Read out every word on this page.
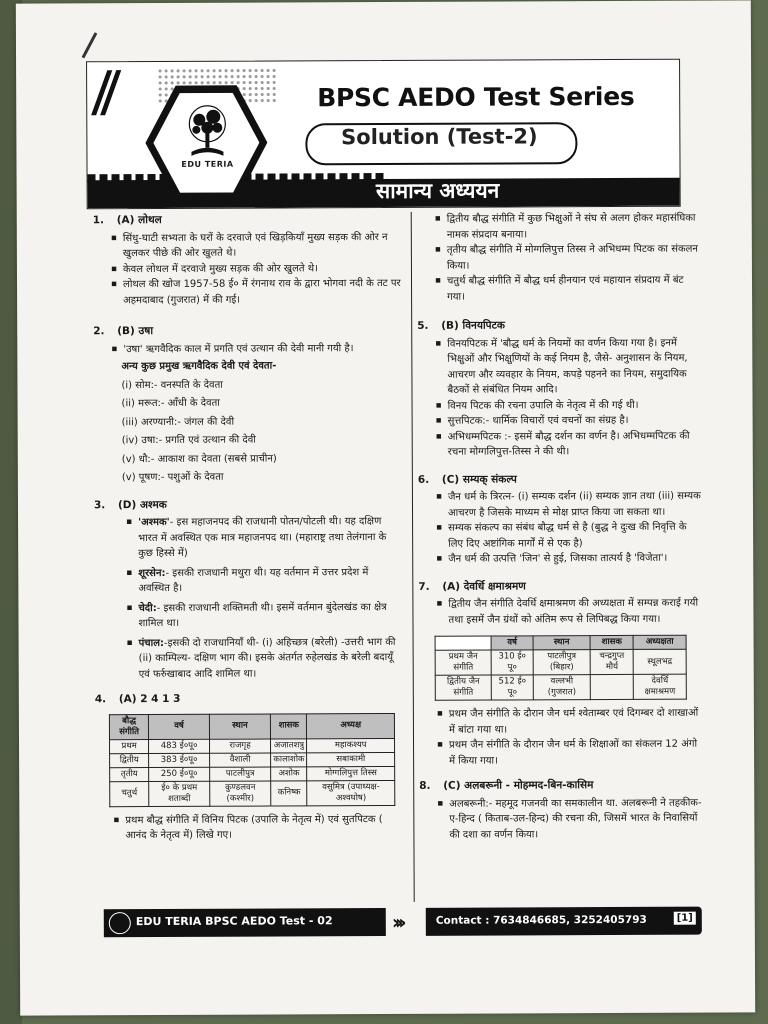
EDU TERIA
BPSC AEDO Test Series
Solution (Test-2)
सामान्य अध्ययन
1. (A) लोथल
▪ सिंधु-घाटी सभ्यता के घरों के दरवाजे एवं खिड़कियाँ मुख्य सड़क की ओर न खुलकर पीछे की ओर खुलते थे।
▪ केवल लोथल में दरवाजे मुख्य सड़क की ओर खुलते थे।
▪ लोथल की खोज 1957-58 ई० में रंगनाथ राव के द्वारा भोगवा नदी के तट पर अहमदाबाद (गुजरात) में की गई।
2. (B) उषा
▪ 'उषा' ऋगवैदिक काल में प्रगति एवं उत्थान की देवी मानी गयी है।
अन्य कुछ प्रमुख ऋगवैदिक देवी एवं देवता-
(i) सोम:- वनस्पति के देवता
(ii) मरूत:- आँधी के देवता
(iii) अरण्यानी:- जंगल की देवी
(iv) उषा:- प्रगति एवं उत्थान की देवी
(v) धौ:- आकाश का देवता (सबसे प्राचीन)
(v) पूषण:- पशुओं के देवता
3. (D) अश्मक
▪ 'अश्मक'- इस महाजनपद की राजधानी पोतन/पोटली थी। यह दक्षिण भारत में अवस्थित एक मात्र महाजनपद था। (महाराष्ट्र तथा तेलंगाना के कुछ हिस्से में)
▪ शूरसेन:- इसकी राजधानी मथुरा थी। यह वर्तमान में उत्तर प्रदेश में अवस्थित है।
▪ चेदी:- इसकी राजधानी शक्तिमती थी। इसमें वर्तमान बुंदेलखंड का क्षेत्र शामिल था।
▪ पंचाल:-इसकी दो राजधानियाँ थी- (i) अहिच्छत्र (बरेली) -उत्तरी भाग की (ii) काम्पिल्य- दक्षिण भाग की। इसके अंतर्गत रुहेलखंड के बरेली बदायूँ एवं फर्रुखाबाद आदि शामिल था।
4. (A) 2 4 1 3
बौद्ध संगीति	वर्ष	स्थान	शासक	अध्यक्ष
प्रथम	483 ई०पू०	राजगृह	अजातशत्रु	महाकश्यप
द्वितीय	383 ई०पू०	वैशाली	कालाशोक	सबाकामी
तृतीय	250 ई०पू०	पाटलीपुत्र	अशोक	मोग्गलिपुत्त तिस्स
चतुर्थ	ई० के प्रथम शताब्दी	कुण्डलवन (कश्मीर)	कनिष्क	वसुमित्र (उपाध्यक्ष- अश्वघोष)
▪ प्रथम बौद्ध संगीति में विनिय पिटक (उपालि के नेतृत्व में) एवं सुतपिटक ( आनंद के नेतृत्व में) लिखे गए।
▪ द्वितीय बौद्ध संगीति में कुछ भिक्षुओं ने संघ से अलग होकर महासंघिका नामक संप्रदाय बनाया।
▪ तृतीय बौद्ध संगीति में मोग्गलिपुत्त तिस्स ने अभिधम्म पिटक का संकलन किया।
▪ चतुर्थ बौद्ध संगीति में बौद्ध धर्म हीनयान एवं महायान संप्रदाय में बंट गया।
5. (B) विनयपिटक
▪ विनयपिटक में 'बौद्ध धर्म के नियमों का वर्णन किया गया है। इनमें भिक्षुओं और भिक्षुणियों के कई नियम है, जैसे- अनुशासन के नियम, आचरण और व्यवहार के नियम, कपड़े पहनने का नियम, समुदायिक बैठकों से संबंधित नियम आदि।
▪ विनय पिटक की रचना उपालि के नेतृत्व में की गई थी।
▪ सुत्तपिटक:- धार्मिक विचारों एवं वचनों का संग्रह है।
▪ अभिधम्मपिटक :- इसमें बौद्ध दर्शन का वर्णन है। अभिधम्मपिटक की रचना मोग्गलिपुत्त-तिस्स ने की थी।
6. (C) सम्यक् संकल्प
▪ जैन धर्म के त्रिरत्न- (i) सम्यक दर्शन (ii) सम्यक ज्ञान तथा (iii) सम्यक आचरण है जिसके माध्यम से मोक्ष प्राप्त किया जा सकता था।
▪ सम्यक संकल्प का संबंध बौद्ध धर्म से है (बुद्ध ने दुःख की निवृत्ति के लिए दिए अष्टांगिक मार्गों में से एक है)
▪ जैन धर्म की उत्पत्ति 'जिन' से हुई, जिसका तात्पर्य है 'विजेता'।
7. (A) देवर्धि क्षमाश्रमण
▪ द्वितीय जैन संगीति देवर्धि क्षमाश्रमण की अध्यक्षता में सम्पन्न कराई गयी तथा इसमें जैन ग्रंथों को अंतिम रूप से लिपिबद्ध किया गया।
	वर्ष	स्थान	शासक	अध्यक्षता
प्रथम जैन संगीति	310 ई० पू०	पाटलीपुत्र (बिहार)	चन्द्रगुप्त मौर्य	स्थूलभद्र
द्वितीय जैन संगीति	512 ई० पू०	वल्लभी (गुजरात)		देवर्धि क्षमाश्रमण
▪ प्रथम जैन संगीति के दौरान जैन धर्म श्वेताम्बर एवं दिगम्बर दो शाखाओं में बांटा गया था।
▪ प्रथम जैन संगीति के दौरान जैन धर्म के शिक्षाओं का संकलन 12 अंगो में किया गया।
8. (C) अलबरूनी - मोहम्मद-बिन-कासिम
▪ अलबरूनी:- महमूद गजनवी का समकालीन था. अलबरूनी ने तहकीक-ए-हिन्द ( किताब-उल-हिन्द) की रचना की, जिसमें भारत के निवासियों की दशा का वर्णन किया।
EDU TERIA BPSC AEDO Test - 02	›››	Contact : 7634846685, 3252405793	[1]
